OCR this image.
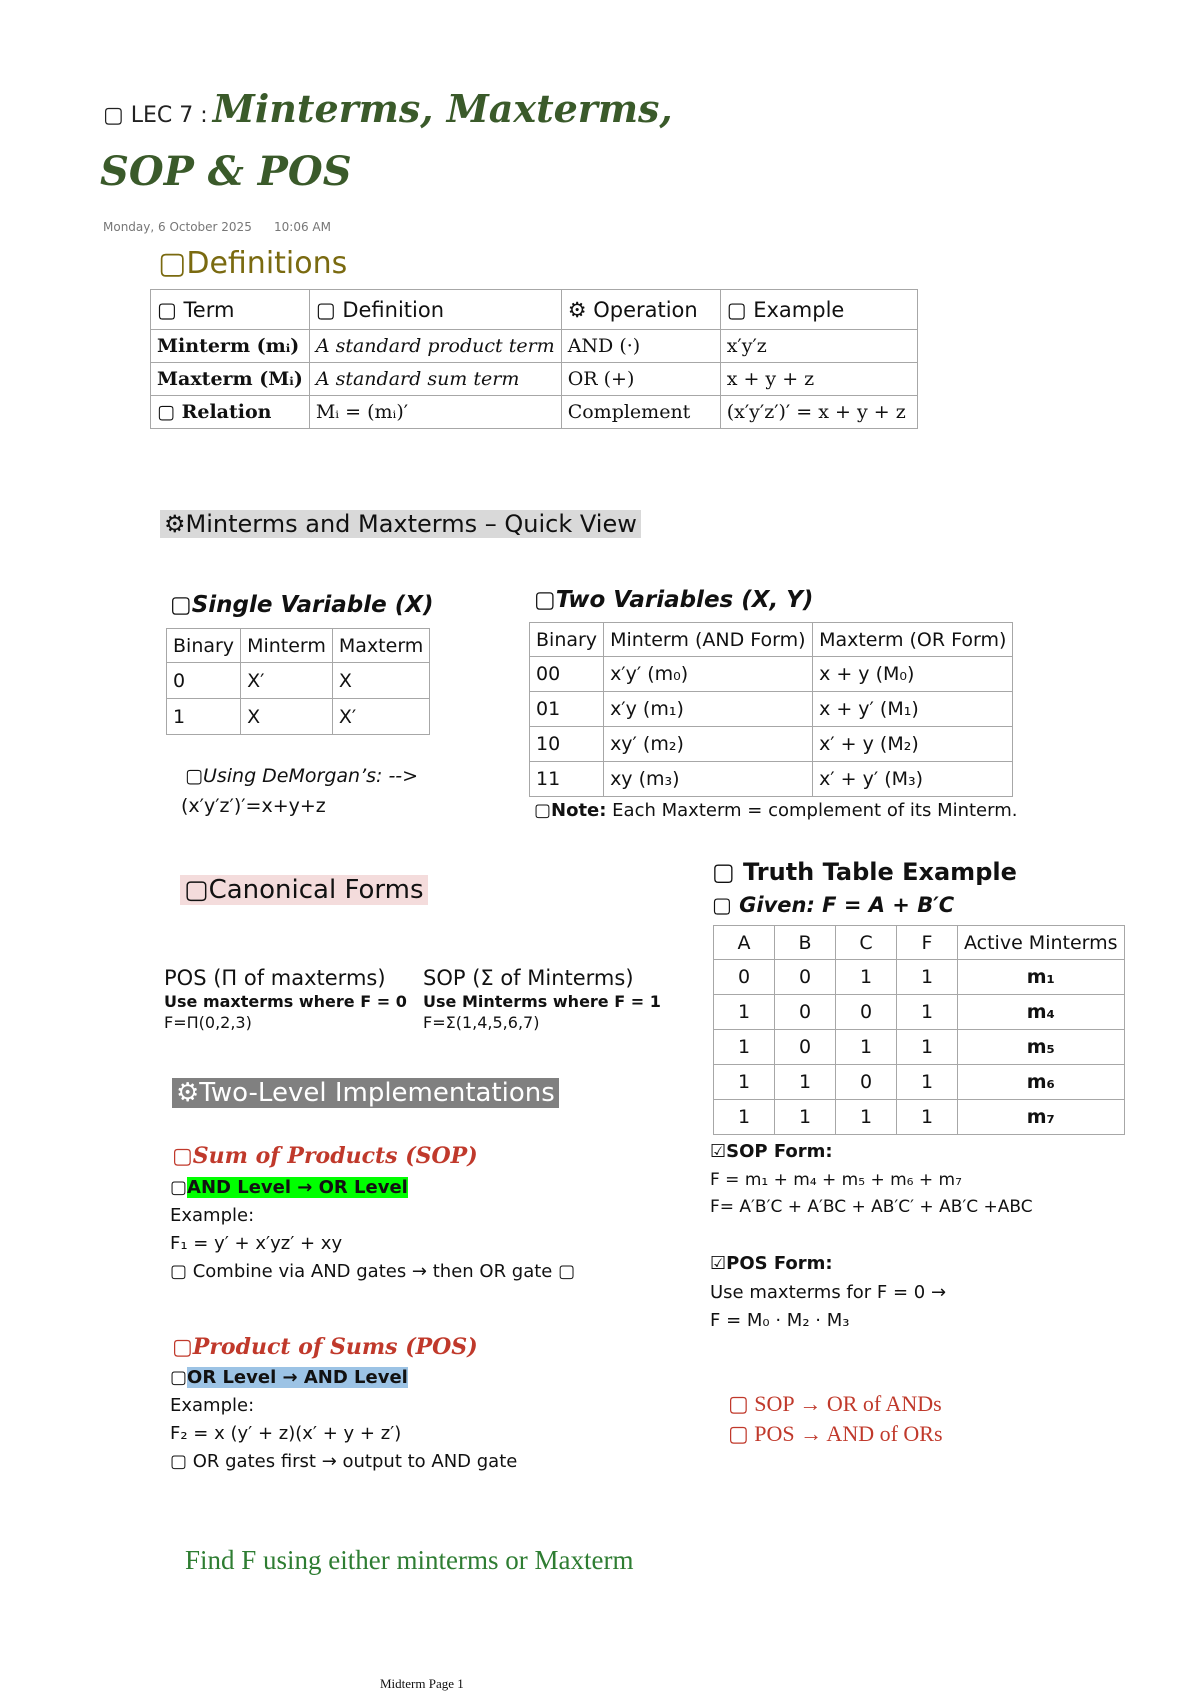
▢ LEC 7 : Minterms, Maxterms,
SOP & POS
Monday, 6 October 2025 10:06 AM
▢Definitions
▢ Term	▢ Definition	⚙ Operation	▢ Example
Minterm (mᵢ)	A standard product term	AND (·)	x′y′z
Maxterm (Mᵢ)	A standard sum term	OR (+)	x + y + z
▢ Relation	Mᵢ = (mᵢ)′	Complement	(x′y′z′)′ = x + y + z
⚙Minterms and Maxterms – Quick View
▢Single Variable (X)
Binary	Minterm	Maxterm
0	X′	X
1	X	X′
▢Using DeMorgan’s: -->
(x′y′z′)′=x+y+z
▢Two Variables (X, Y)
Binary	Minterm (AND Form)	Maxterm (OR Form)
00	x′y′ (m₀)	x + y (M₀)
01	x′y (m₁)	x + y′ (M₁)
10	xy′ (m₂)	x′ + y (M₂)
11	xy (m₃)	x′ + y′ (M₃)
▢Note: Each Maxterm = complement of its Minterm.
▢Canonical Forms
POS (Π of maxterms)
Use maxterms where F = 0
F=Π(0,2,3)
SOP (Σ of Minterms)
Use Minterms where F = 1
F=Σ(1,4,5,6,7)
▢ Truth Table Example
▢ Given: F = A + B′C
A	B	C	F	Active Minterms
0	0	1	1	m₁
1	0	0	1	m₄
1	0	1	1	m₅
1	1	0	1	m₆
1	1	1	1	m₇
⚙Two-Level Implementations
▢Sum of Products (SOP)
▢AND Level → OR Level
Example:
F₁ = y′ + x′yz′ + xy
▢ Combine via AND gates → then OR gate ▢
▢Product of Sums (POS)
▢OR Level → AND Level
Example:
F₂ = x (y′ + z)(x′ + y + z′)
▢ OR gates first → output to AND gate
☑SOP Form:
F = m₁ + m₄ + m₅ + m₆ + m₇
F= A′B′C + A′BC + AB′C′ + AB′C +ABC
☑POS Form:
Use maxterms for F = 0 →
F = M₀ · M₂ · M₃
▢ SOP → OR of ANDs
▢ POS → AND of ORs
Find F using either minterms or Maxterm
Midterm Page 1
